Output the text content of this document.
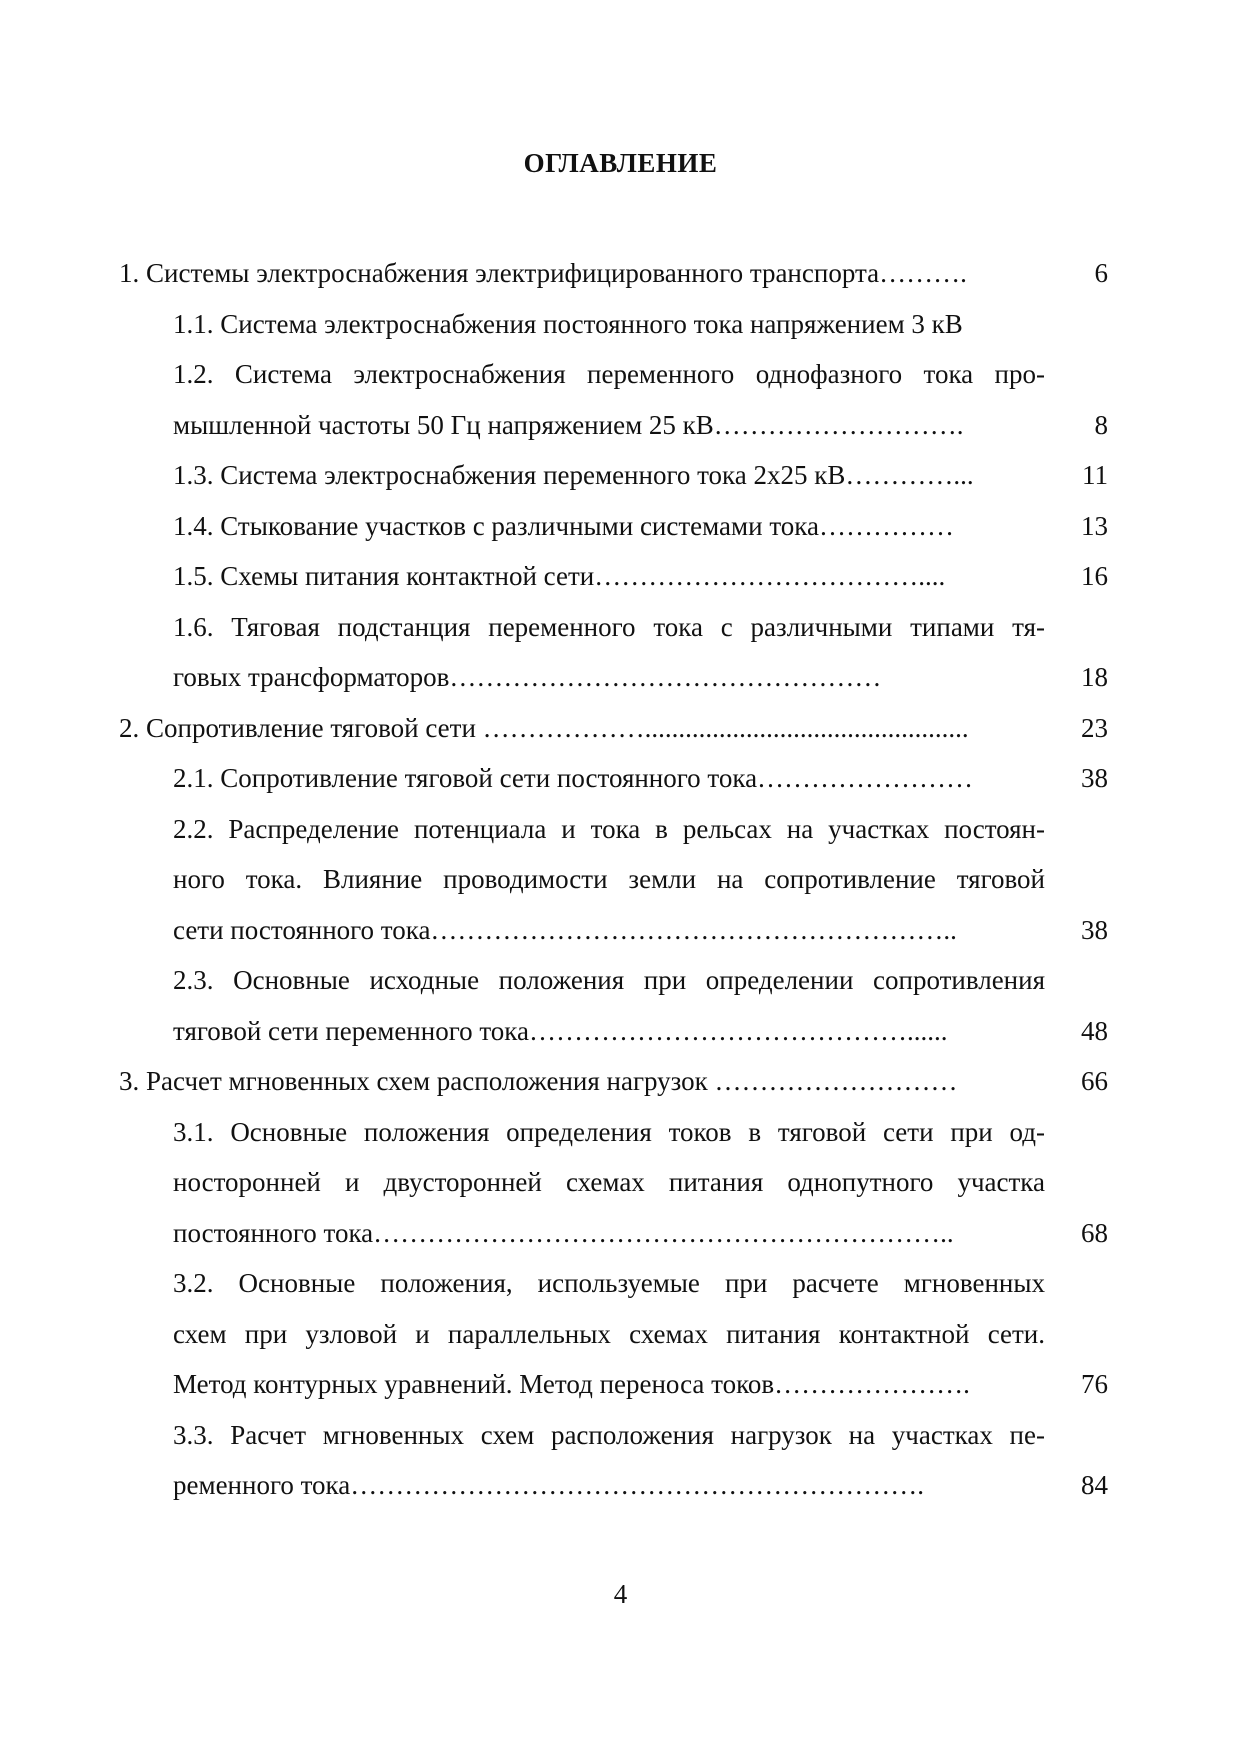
ОГЛАВЛЕНИЕ
1. Системы электроснабжения электрифицированного транспорта……….	6
1.1. Система электроснабжения постоянного тока напряжением 3 кВ
1.2. Система электроснабжения переменного однофазного тока про-
мышленной частоты 50 Гц напряжением 25 кВ……………………….	8
1.3. Система электроснабжения переменного тока 2х25 кВ…………...	11
1.4. Стыкование участков с различными системами тока……………	13
1.5. Схемы питания контактной сети………………………………....	16
1.6. Тяговая подстанция переменного тока с различными типами тя-
говых трансформаторов…………………………………………	18
2. Сопротивление тяговой сети ………………................................................	23
2.1. Сопротивление тяговой сети постоянного тока……………………	38
2.2. Распределение потенциала и тока в рельсах на участках постоян-
ного тока. Влияние проводимости земли на сопротивление тяговой
сети постоянного тока…………………………………………………..	38
2.3. Основные исходные положения при определении сопротивления
тяговой сети переменного тока……………………………………......	48
3. Расчет мгновенных схем расположения нагрузок ………………………	66
3.1. Основные положения определения токов в тяговой сети при од-
носторонней и двусторонней схемах питания однопутного участка
постоянного тока………………………………………………………..	68
3.2. Основные положения, используемые при расчете мгновенных
схем при узловой и параллельных схемах питания контактной сети.
Метод контурных уравнений. Метод переноса токов………………….	76
3.3. Расчет мгновенных схем расположения нагрузок на участках пе-
ременного тока……………………………………………………….	84
4
